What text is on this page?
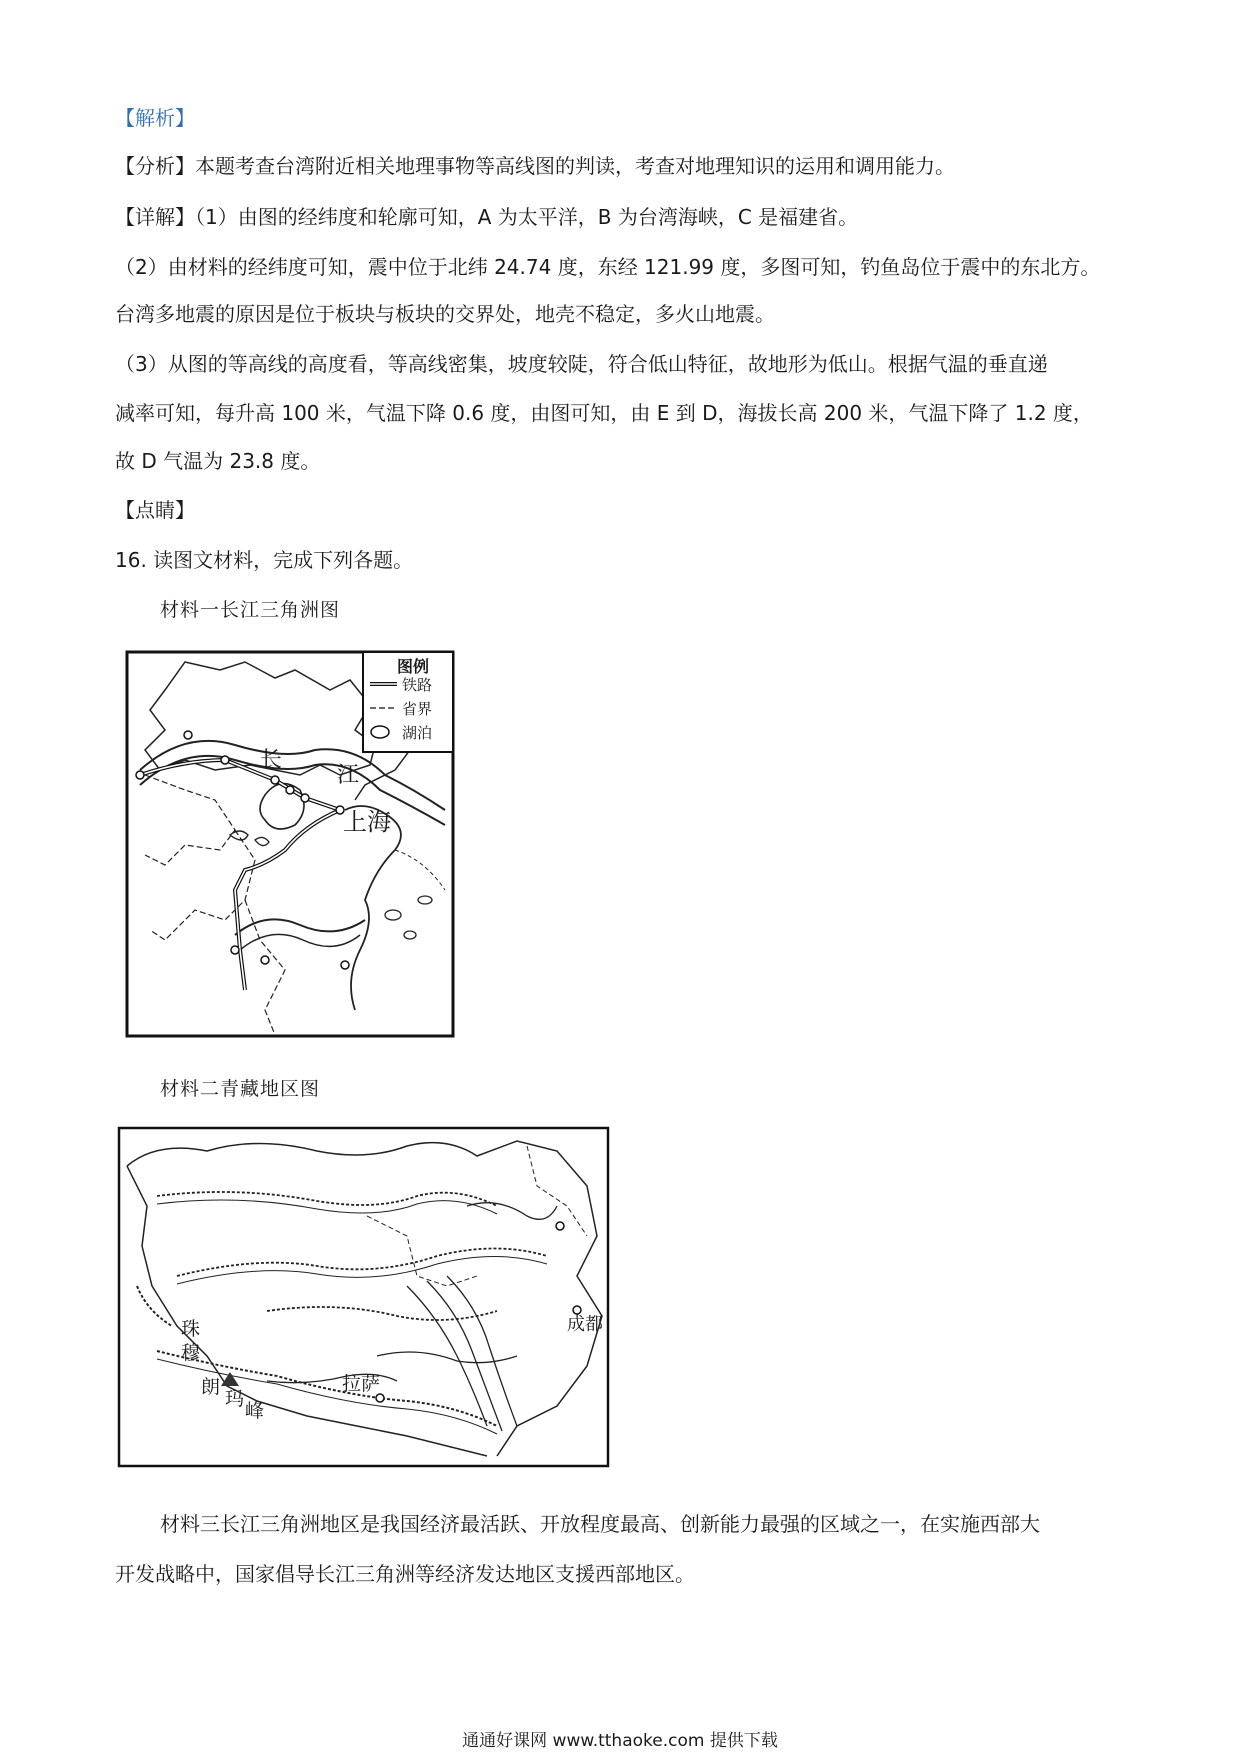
【解析】
【分析】本题考查台湾附近相关地理事物等高线图的判读，考查对地理知识的运用和调用能力。
【详解】（1）由图的经纬度和轮廓可知，A 为太平洋，B 为台湾海峡，C 是福建省。
（2）由材料的经纬度可知，震中位于北纬 24.74 度，东经 121.99 度，多图可知，钓鱼岛位于震中的东北方。
台湾多地震的原因是位于板块与板块的交界处，地壳不稳定，多火山地震。
（3）从图的等高线的高度看，等高线密集，坡度较陡，符合低山特征，故地形为低山。根据气温的垂直递
减率可知，每升高 100 米，气温下降 0.6 度，由图可知，由 E 到 D，海拔长高 200 米，气温下降了 1.2 度，
故 D 气温为 23.8 度。
【点睛】
16. 读图文材料，完成下列各题。
材料一长江三角洲图
图例
铁路
省界
湖泊
长
江
上海
材料二青藏地区图
珠
穆
朗
玛
峰
拉萨
成都
材料三长江三角洲地区是我国经济最活跃、开放程度最高、创新能力最强的区域之一，在实施西部大
开发战略中，国家倡导长江三角洲等经济发达地区支援西部地区。
通通好课网 www.tthaoke.com 提供下载
